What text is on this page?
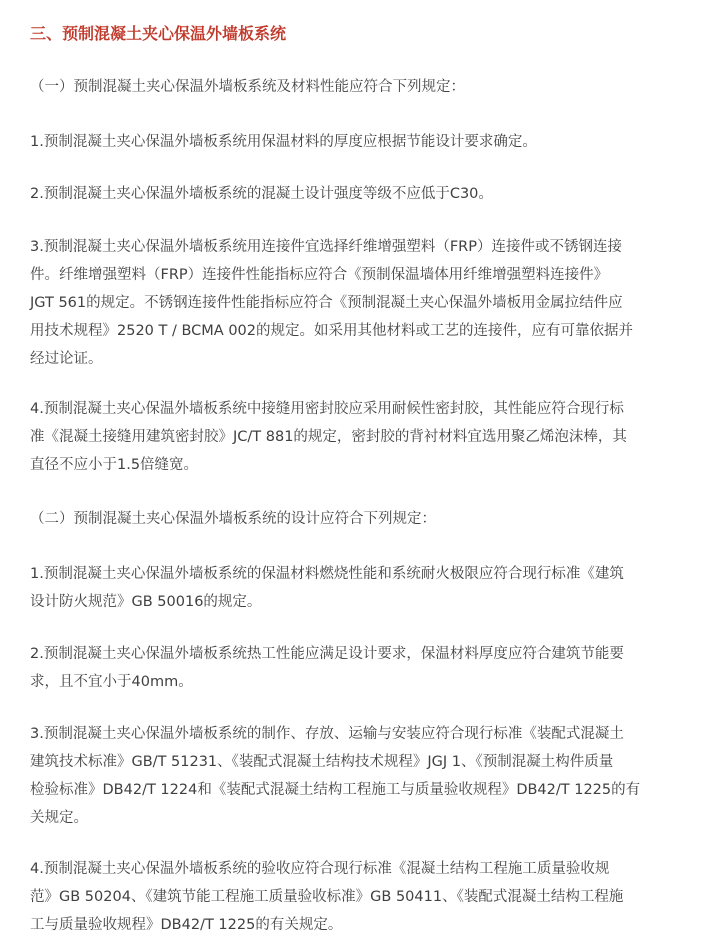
三、预制混凝土夹心保温外墙板系统

（一）预制混凝土夹心保温外墙板系统及材料性能应符合下列规定：

1.预制混凝土夹心保温外墙板系统用保温材料的厚度应根据节能设计要求确定。

2.预制混凝土夹心保温外墙板系统的混凝土设计强度等级不应低于C30。

3.预制混凝土夹心保温外墙板系统用连接件宜选择纤维增强塑料（FRP）连接件或不锈钢连接
件。纤维增强塑料（FRP）连接件性能指标应符合《预制保温墙体用纤维增强塑料连接件》
JGT 561的规定。不锈钢连接件性能指标应符合《预制混凝土夹心保温外墙板用金属拉结件应
用技术规程》2520 T / BCMA 002的规定。如采用其他材料或工艺的连接件，应有可靠依据并
经过论证。

4.预制混凝土夹心保温外墙板系统中接缝用密封胶应采用耐候性密封胶，其性能应符合现行标
准《混凝土接缝用建筑密封胶》JC/T 881的规定，密封胶的背衬材料宜选用聚乙烯泡沫棒，其
直径不应小于1.5倍缝宽。

（二）预制混凝土夹心保温外墙板系统的设计应符合下列规定：

1.预制混凝土夹心保温外墙板系统的保温材料燃烧性能和系统耐火极限应符合现行标准《建筑
设计防火规范》GB 50016的规定。

2.预制混凝土夹心保温外墙板系统热工性能应满足设计要求，保温材料厚度应符合建筑节能要
求，且不宜小于40mm。

3.预制混凝土夹心保温外墙板系统的制作、存放、运输与安装应符合现行标准《装配式混凝土
建筑技术标准》GB/T 51231、《装配式混凝土结构技术规程》JGJ 1、《预制混凝土构件质量
检验标准》DB42/T 1224和《装配式混凝土结构工程施工与质量验收规程》DB42/T 1225的有
关规定。

4.预制混凝土夹心保温外墙板系统的验收应符合现行标准《混凝土结构工程施工质量验收规
范》GB 50204、《建筑节能工程施工质量验收标准》GB 50411、《装配式混凝土结构工程施
工与质量验收规程》DB42/T 1225的有关规定。
